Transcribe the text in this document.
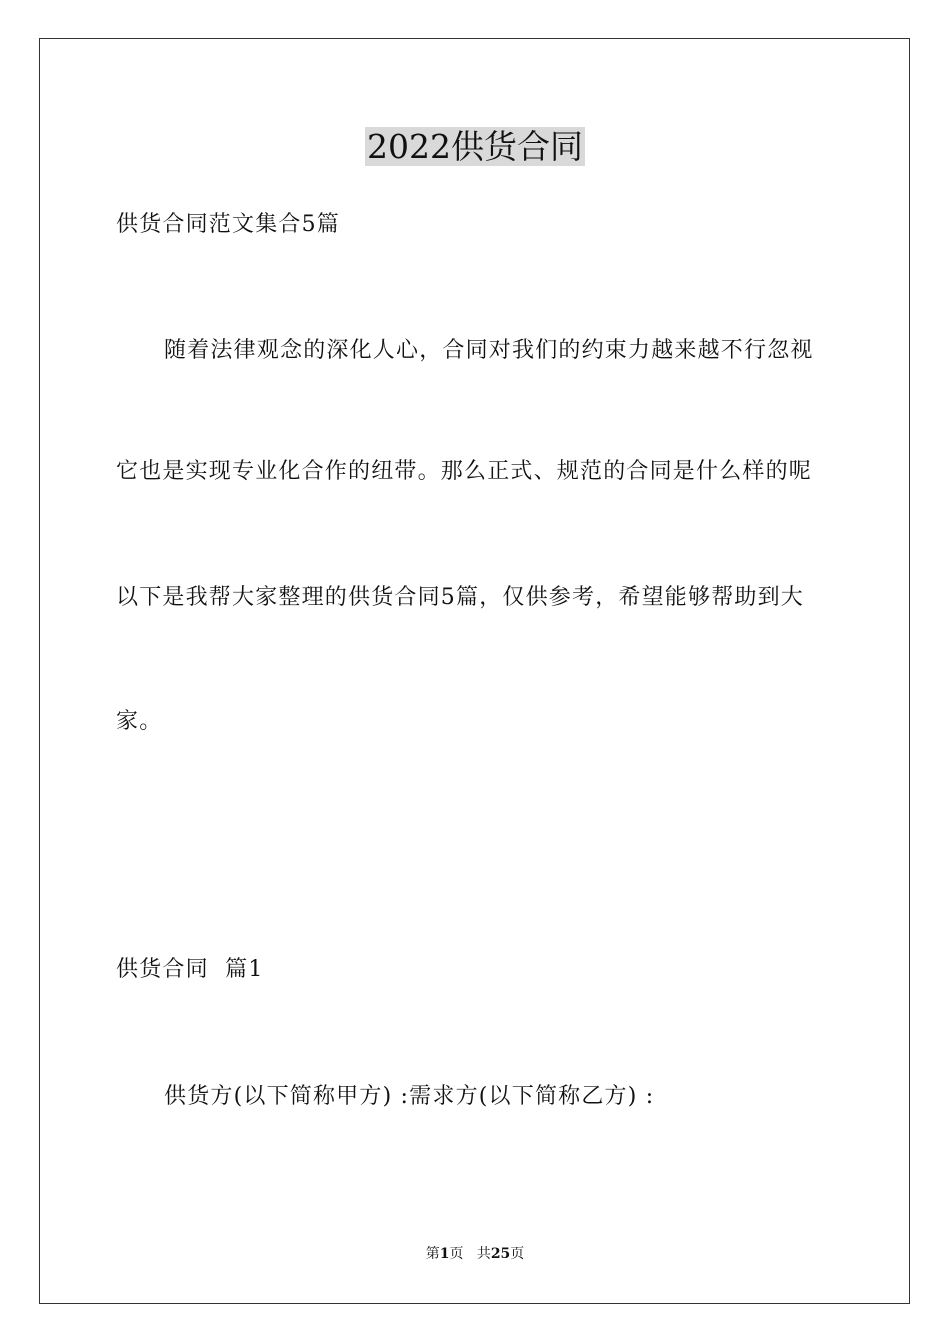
2022供货合同
供货合同范文集合5篇
随着法律观念的深化人心，合同对我们的约束力越来越不行忽视
它也是实现专业化合作的纽带。那么正式、规范的合同是什么样的呢
以下是我帮大家整理的供货合同5篇，仅供参考，希望能够帮助到大
家。
供货合同  篇1
供货方(以下简称甲方) :需求方(以下简称乙方) :
第1页 共25页
